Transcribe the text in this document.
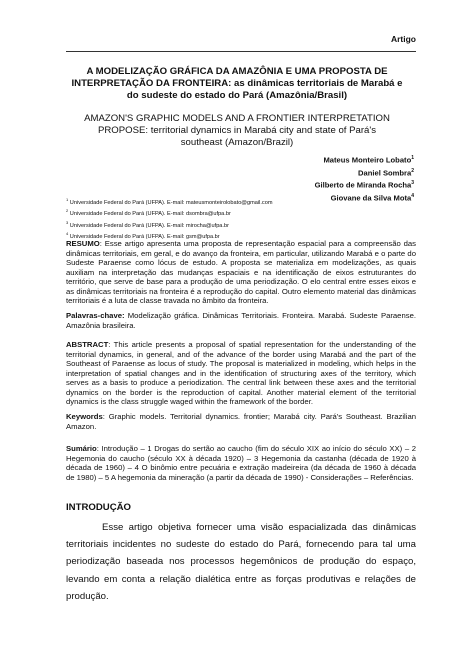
Artigo
A MODELIZAÇÃO GRÁFICA DA AMAZÔNIA E UMA PROPOSTA DE INTERPRETAÇÃO DA FRONTEIRA: as dinâmicas territoriais de Marabá e do sudeste do estado do Pará (Amazônia/Brasil)
AMAZON'S GRAPHIC MODELS AND A FRONTIER INTERPRETATION PROPOSE: territorial dynamics in Marabá city and state of Pará's southeast (Amazon/Brazil)
Mateus Monteiro Lobato$^1$
Daniel Sombra$^2$
Gilberto de Miranda Rocha$^3$
Giovane da Silva Mota$^4$
$^1$ Universidade Federal do Pará (UFPA). E-mail: mateusmonteirolobato@gmail.com
$^2$ Universidade Federal do Pará (UFPA). E-mail: dsombra@ufpa.br
$^3$ Universidade Federal do Pará (UFPA). E-mail: mirocha@ufpa.br
$^4$ Universidade Federal do Pará (UFPA). E-mail: gsm@ufpa.br
RESUMO: Esse artigo apresenta uma proposta de representação espacial para a compreensão das dinâmicas territoriais, em geral, e do avanço da fronteira, em particular, utilizando Marabá e o parte do Sudeste Paraense como lócus de estudo. A proposta se materializa em modelizações, as quais auxiliam na interpretação das mudanças espaciais e na identificação de eixos estruturantes do território, que serve de base para a produção de uma periodização. O elo central entre esses eixos e as dinâmicas territoriais na fronteira é a reprodução do capital. Outro elemento material das dinâmicas territoriais é a luta de classe travada no âmbito da fronteira.
Palavras-chave: Modelização gráfica. Dinâmicas Territoriais. Fronteira. Marabá. Sudeste Paraense. Amazônia brasileira.
ABSTRACT: This article presents a proposal of spatial representation for the understanding of the territorial dynamics, in general, and of the advance of the border using Marabá and the part of the Southeast of Paraense as locus of study. The proposal is materialized in modeling, which helps in the interpretation of spatial changes and in the identification of structuring axes of the territory, which serves as a basis to produce a periodization. The central link between these axes and the territorial dynamics on the border is the reproduction of capital. Another material element of the territorial dynamics is the class struggle waged within the framework of the border.
Keywords: Graphic models. Territorial dynamics. frontier; Marabá city. Pará's Southeast. Brazilian Amazon.
Sumário: Introdução – 1 Drogas do sertão ao caucho (fim do século XIX ao início do século XX) – 2 Hegemonia do caucho (século XX à década 1920) – 3 Hegemonia da castanha (década de 1920 à década de 1960) – 4 O binômio entre pecuária e extração madeireira (da década de 1960 à década de 1980) – 5 A hegemonia da mineração (a partir da década de 1990) - Considerações – Referências.
INTRODUÇÃO
Esse artigo objetiva fornecer uma visão espacializada das dinâmicas territoriais incidentes no sudeste do estado do Pará, fornecendo para tal uma periodização baseada nos processos hegemônicos de produção do espaço, levando em conta a relação dialética entre as forças produtivas e relações de produção.
